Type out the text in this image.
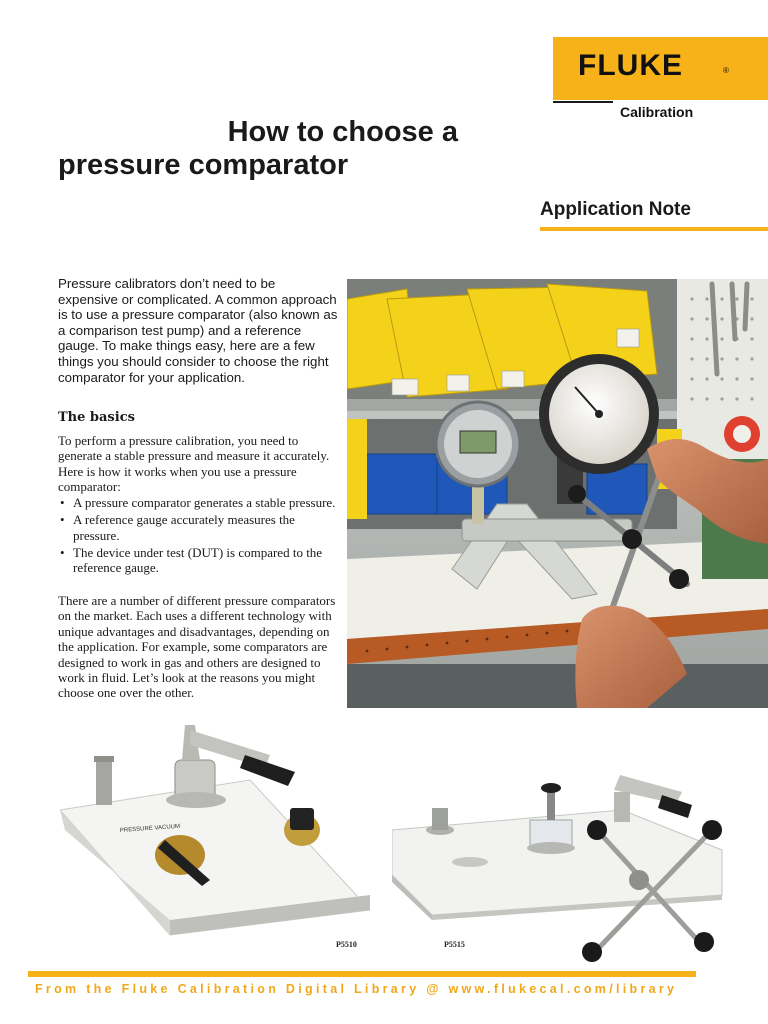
FLUKE	®
Calibration
How to choose a
pressure comparator
Application Note
Pressure calibrators don’t need to be expensive or complicated. A common approach is to use a pressure comparator (also known as a comparison test pump) and a reference gauge. To make things easy, here are a few things you should consider to choose the right comparator for your application.
The basics

To perform a pressure calibration, you need to generate a stable pressure and measure it accurately. Here is how it works when you use a pressure comparator:

• A pressure comparator generates a stable pressure.
• A reference gauge accurately measures the pressure.
• The device under test (DUT) is compared to the reference gauge.
There are a number of different pressure comparators on the market. Each uses a different technology with unique advantages and disadvantages, depending on the application. For example, some comparators are designed to work in gas and others are designed to work in fluid. Let’s look at the reasons you might choose one over the other.
PRESSURE VACUUM
P5510	P5515
From the Fluke Calibration Digital Library @ www.flukecal.com/library
